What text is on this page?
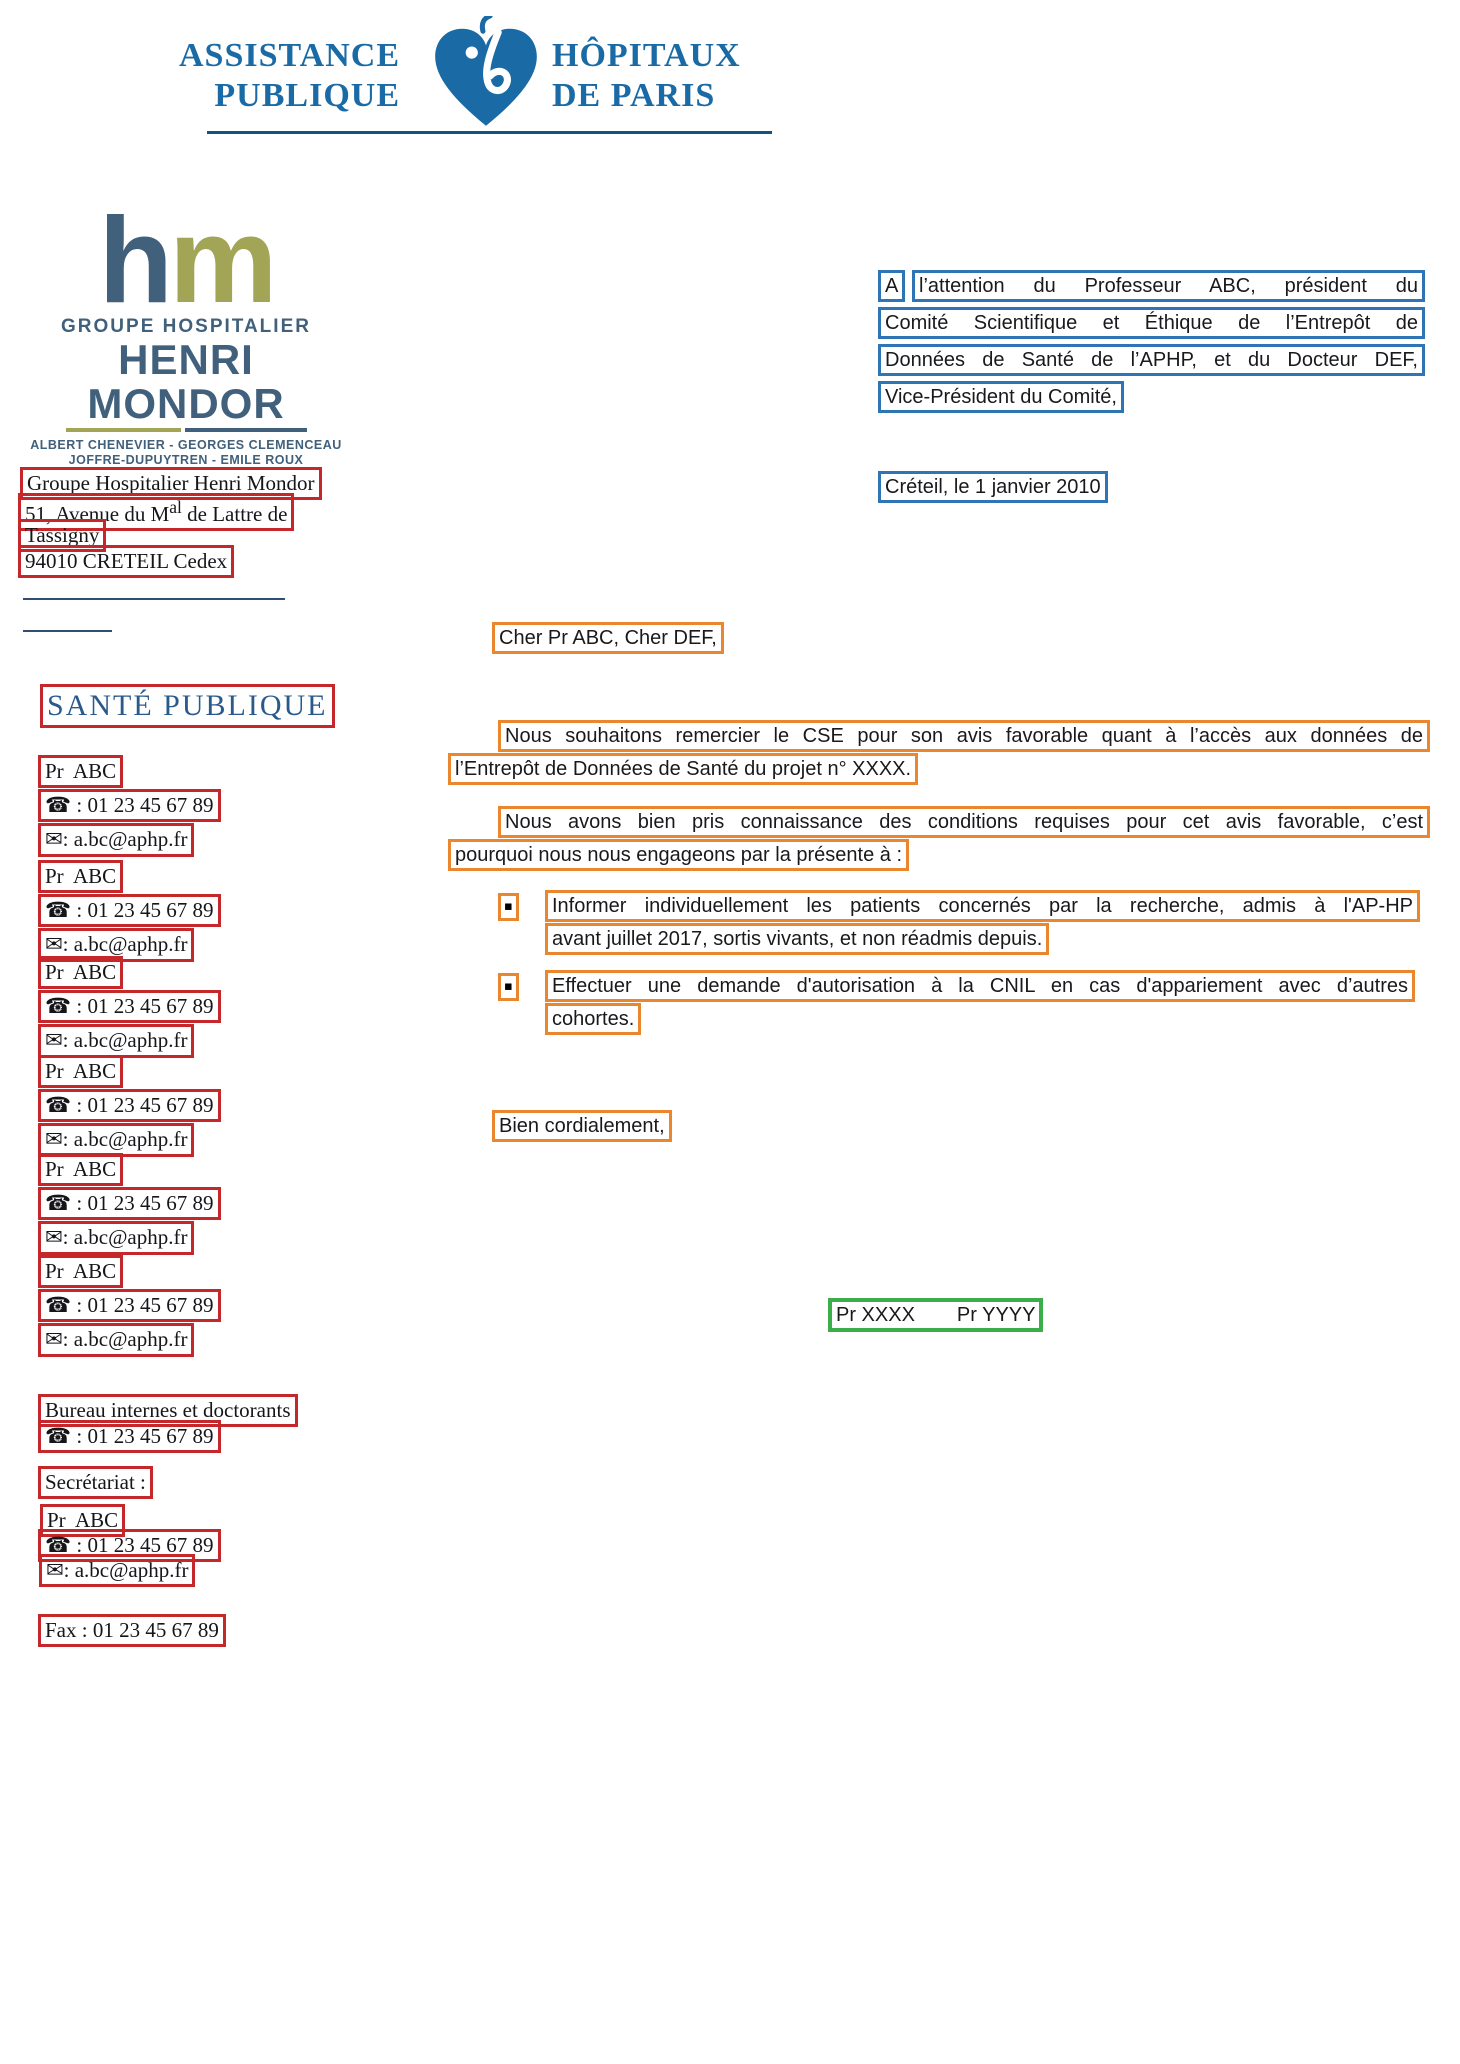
ASSISTANCE
PUBLIQUE
HÔPITAUX
DE PARIS
hm
GROUPE HOSPITALIER
HENRI MONDOR
ALBERT CHENEVIER - GEORGES CLEMENCEAU
JOFFRE-DUPUYTREN - EMILE ROUX
A	l’attention du Professeur ABC, président du
Comité Scientifique et Éthique de l’Entrepôt de
Données de Santé de l’APHP, et du Docteur DEF,
Vice-Président du Comité,
Groupe Hospitalier Henri Mondor
51, Avenue du $M^{al}$ de Lattre de
Tassigny
94010 CRETEIL Cedex
Créteil, le 1 janvier 2010
SANTÉ PUBLIQUE
Pr  ABC
☎ : 01 23 45 67 89
✉: a.bc@aphp.fr
Pr  ABC
☎ : 01 23 45 67 89
✉: a.bc@aphp.fr
Pr  ABC
☎ : 01 23 45 67 89
✉: a.bc@aphp.fr
Pr  ABC
☎ : 01 23 45 67 89
✉: a.bc@aphp.fr
Pr  ABC
☎ : 01 23 45 67 89
✉: a.bc@aphp.fr
Pr  ABC
☎ : 01 23 45 67 89
✉: a.bc@aphp.fr
Cher Pr ABC, Cher DEF,
Nous souhaitons remercier le CSE pour son avis favorable quant à l’accès aux données de
l’Entrepôt de Données de Santé du projet n° XXXX.
Nous avons bien pris connaissance des conditions requises pour cet avis favorable, c’est
pourquoi nous nous engageons par la présente à :
▪	Informer individuellement les patients concernés par la recherche, admis à l'AP-HP
avant juillet 2017, sortis vivants, et non réadmis depuis.
▪	Effectuer une demande d'autorisation à la CNIL en cas d'appariement avec d’autres
cohortes.
Bien cordialement,
Pr XXXX Pr YYYY
Bureau internes et doctorants
☎ : 01 23 45 67 89
Secrétariat :
Pr  ABC
☎ : 01 23 45 67 89
✉: a.bc@aphp.fr
Fax : 01 23 45 67 89
